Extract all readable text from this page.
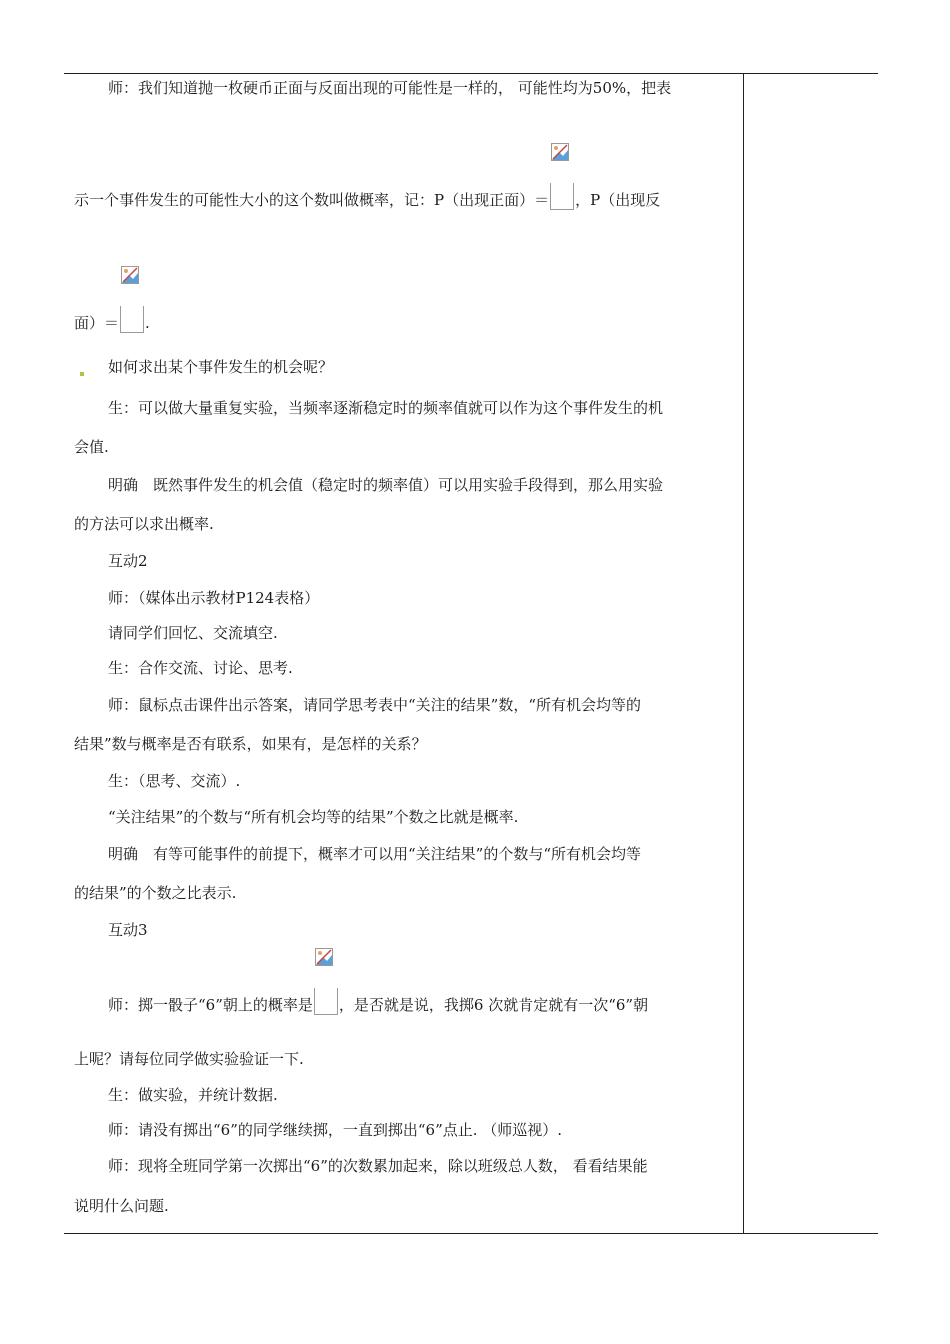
师：我们知道抛一枚硬币正面与反面出现的可能性是一样的， 可能性均为50%，把表
示一个事件发生的可能性大小的这个数叫做概率，记：P（出现正面）＝ ，P（出现反
面）＝ .
如何求出某个事件发生的机会呢？
生：可以做大量重复实验，当频率逐渐稳定时的频率值就可以作为这个事件发生的机
会值.
明确　既然事件发生的机会值（稳定时的频率值）可以用实验手段得到，那么用实验
的方法可以求出概率.
互动2
师：（媒体出示教材P124表格）
请同学们回忆、交流填空.
生：合作交流、讨论、思考.
师：鼠标点击课件出示答案，请同学思考表中“关注的结果”数，“所有机会均等的
结果”数与概率是否有联系，如果有，是怎样的关系？
生：（思考、交流）.
“关注结果”的个数与“所有机会均等的结果”个数之比就是概率.
明确　有等可能事件的前提下，概率才可以用“关注结果”的个数与“所有机会均等
的结果”的个数之比表示.
互动3
师：掷一骰子“6”朝上的概率是 ，是否就是说，我掷6 次就肯定就有一次“6”朝
上呢？请每位同学做实验验证一下.
生：做实验，并统计数据.
师：请没有掷出“6”的同学继续掷，一直到掷出“6”点止. （师巡视）.
师：现将全班同学第一次掷出“6”的次数累加起来，除以班级总人数， 看看结果能
说明什么问题.
